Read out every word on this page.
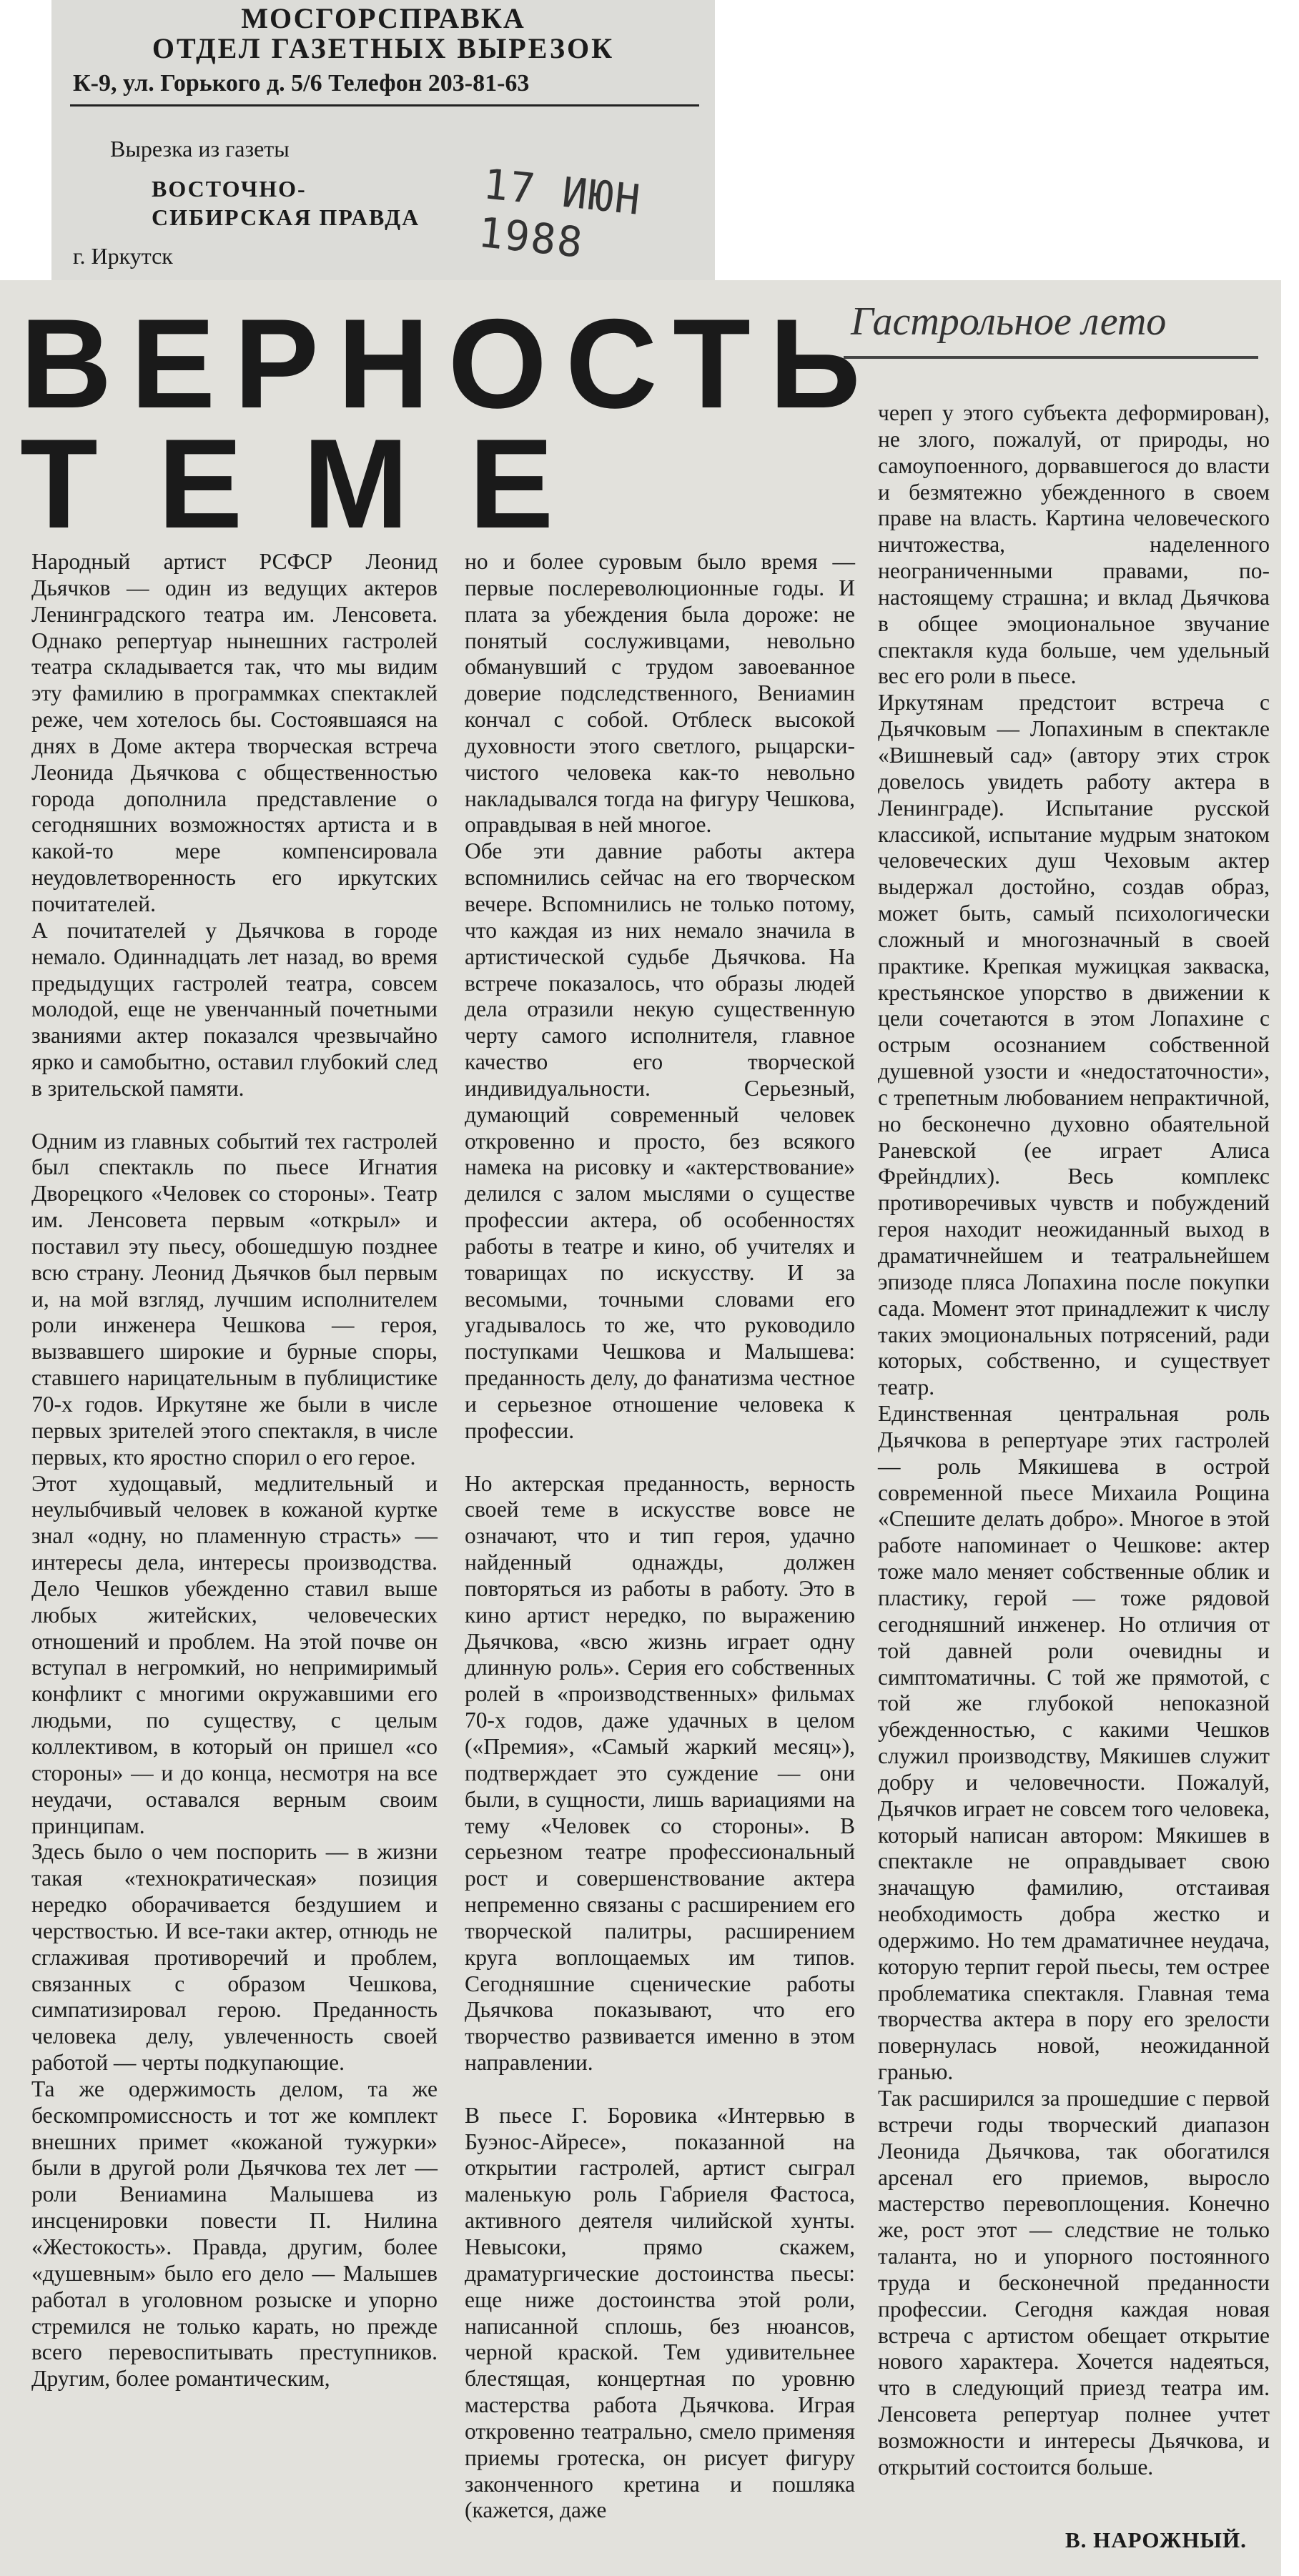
МОСГОРСПРАВКА
ОТДЕЛ ГАЗЕТНЫХ ВЫРЕЗОК
К-9, ул. Горького д. 5/6 Телефон 203-81-63
Вырезка из газеты
ВОСТОЧНО-
СИБИРСКАЯ ПРАВДА
г. Иркутск
17 ИЮН 1988
Гастрольное лето
ВЕРНОСТЬ
ТЕМЕ
Народный артист РСФСР Леонид Дьячков — один из ведущих актеров Ленинградского театра им. Ленсовета. Однако репертуар нынешних гастролей театра складывается так, что мы видим эту фамилию в программках спектаклей реже, чем хотелось бы. Состоявшаяся на днях в Доме актера творческая встреча Леонида Дьячкова с общественностью города дополнила представление о сегодняшних возможностях артиста и в какой-то мере компенсировала неудовлетворенность его иркутских почитателей.
А почитателей у Дьячкова в городе немало. Одиннадцать лет назад, во время предыдущих гастролей театра, совсем молодой, еще не увенчанный почетными званиями актер показался чрезвычайно ярко и самобытно, оставил глубокий след в зрительской памяти.

Одним из главных событий тех гастролей был спектакль по пьесе Игнатия Дворецкого «Человек со стороны». Театр им. Ленсовета первым «открыл» и поставил эту пьесу, обошедшую позднее всю страну. Леонид Дьячков был первым и, на мой взгляд, лучшим исполнителем роли инженера Чешкова — героя, вызвавшего широкие и бурные споры, ставшего нарицательным в публицистике 70-х годов. Иркутяне же были в числе первых зрителей этого спектакля, в числе первых, кто яростно спорил о его герое.
Этот худощавый, медлительный и неулыбчивый человек в кожаной куртке знал «одну, но пламенную страсть» — интересы дела, интересы производства. Дело Чешков убежденно ставил выше любых житейских, человеческих отношений и проблем. На этой почве он вступал в негромкий, но непримиримый конфликт с многими окружавшими его людьми, по существу, с целым коллективом, в который он пришел «со стороны» — и до конца, несмотря на все неудачи, оставался верным своим принципам.
Здесь было о чем поспорить — в жизни такая «технократическая» позиция нередко оборачивается бездушием и черствостью. И все-таки актер, отнюдь не сглаживая противоречий и проблем, связанных с образом Чешкова, симпатизировал герою. Преданность человека делу, увлеченность своей работой — черты подкупающие.
Та же одержимость делом, та же бескомпромиссность и тот же комплект внешних примет «кожаной тужурки» были в другой роли Дьячкова тех лет — роли Вениамина Малышева из инсценировки повести П. Нилина «Жестокость». Правда, другим, более «душевным» было его дело — Малышев работал в уголовном розыске и упорно стремился не только карать, но прежде всего перевоспитывать преступников. Другим, более романтическим,
но и более суровым было время — первые послереволюционные годы. И плата за убеждения была дороже: не понятый сослуживцами, невольно обманувший с трудом завоеванное доверие подследственного, Вениамин кончал с собой. Отблеск высокой духовности этого светлого, рыцарски-чистого человека как-то невольно накладывался тогда на фигуру Чешкова, оправдывая в ней многое.
Обе эти давние работы актера вспомнились сейчас на его творческом вечере. Вспомнились не только потому, что каждая из них немало значила в артистической судьбе Дьячкова. На встрече показалось, что образы людей дела отразили некую существенную черту самого исполнителя, главное качество его творческой индивидуальности. Серьезный, думающий современный человек откровенно и просто, без всякого намека на рисовку и «актерствование» делился с залом мыслями о существе профессии актера, об особенностях работы в театре и кино, об учителях и товарищах по искусству. И за весомыми, точными словами его угадывалось то же, что руководило поступками Чешкова и Малышева: преданность делу, до фанатизма честное и серьезное отношение человека к профессии.

Но актерская преданность, верность своей теме в искусстве вовсе не означают, что и тип героя, удачно найденный однажды, должен повторяться из работы в работу. Это в кино артист нередко, по выражению Дьячкова, «всю жизнь играет одну длинную роль». Серия его собственных ролей в «производственных» фильмах 70-х годов, даже удачных в целом («Премия», «Самый жаркий месяц»), подтверждает это суждение — они были, в сущности, лишь вариациями на тему «Человек со стороны». В серьезном театре профессиональный рост и совершенствование актера непременно связаны с расширением его творческой палитры, расширением круга воплощаемых им типов. Сегодняшние сценические работы Дьячкова показывают, что его творчество развивается именно в этом направлении.

В пьесе Г. Боровика «Интервью в Буэнос-Айресе», показанной на открытии гастролей, артист сыграл маленькую роль Габриеля Фастоса, активного деятеля чилийской хунты. Невысоки, прямо скажем, драматургические достоинства пьесы: еще ниже достоинства этой роли, написанной сплошь, без нюансов, черной краской. Тем удивительнее блестящая, концертная по уровню мастерства работа Дьячкова. Играя откровенно театрально, смело применяя приемы гротеска, он рисует фигуру законченного кретина и пошляка (кажется, даже
череп у этого субъекта деформирован), не злого, пожалуй, от природы, но самоупоенного, дорвавшегося до власти и безмятежно убежденного в своем праве на власть. Картина человеческого ничтожества, наделенного неограниченными правами, по-настоящему страшна; и вклад Дьячкова в общее эмоциональное звучание спектакля куда больше, чем удельный вес его роли в пьесе.
Иркутянам предстоит встреча с Дьячковым — Лопахиным в спектакле «Вишневый сад» (автору этих строк довелось увидеть работу актера в Ленинграде). Испытание русской классикой, испытание мудрым знатоком человеческих душ Чеховым актер выдержал достойно, создав образ, может быть, самый психологически сложный и многозначный в своей практике. Крепкая мужицкая закваска, крестьянское упорство в движении к цели сочетаются в этом Лопахине с острым осознанием собственной душевной узости и «недостаточности», с трепетным любованием непрактичной, но бесконечно духовно обаятельной Раневской (ее играет Алиса Фрейндлих). Весь комплекс противоречивых чувств и побуждений героя находит неожиданный выход в драматичнейшем и театральнейшем эпизоде пляса Лопахина после покупки сада. Момент этот принадлежит к числу таких эмоциональных потрясений, ради которых, собственно, и существует театр.
Единственная центральная роль Дьячкова в репертуаре этих гастролей — роль Мякишева в острой современной пьесе Михаила Рощина «Спешите делать добро». Многое в этой работе напоминает о Чешкове: актер тоже мало меняет собственные облик и пластику, герой — тоже рядовой сегодняшний инженер. Но отличия от той давней роли очевидны и симптоматичны. С той же прямотой, с той же глубокой непоказной убежденностью, с какими Чешков служил производству, Мякишев служит добру и человечности. Пожалуй, Дьячков играет не совсем того человека, который написан автором: Мякишев в спектакле не оправдывает свою значащую фамилию, отстаивая необходимость добра жестко и одержимо. Но тем драматичнее неудача, которую терпит герой пьесы, тем острее проблематика спектакля. Главная тема творчества актера в пору его зрелости повернулась новой, неожиданной гранью.
Так расширился за прошедшие с первой встречи годы творческий диапазон Леонида Дьячкова, так обогатился арсенал его приемов, выросло мастерство перевоплощения. Конечно же, рост этот — следствие не только таланта, но и упорного постоянного труда и бесконечной преданности профессии. Сегодня каждая новая встреча с артистом обещает открытие нового характера. Хочется надеяться, что в следующий приезд театра им. Ленсовета репертуар полнее учтет возможности и интересы Дьячкова, и открытий состоится больше.
В. НАРОЖНЫЙ.
